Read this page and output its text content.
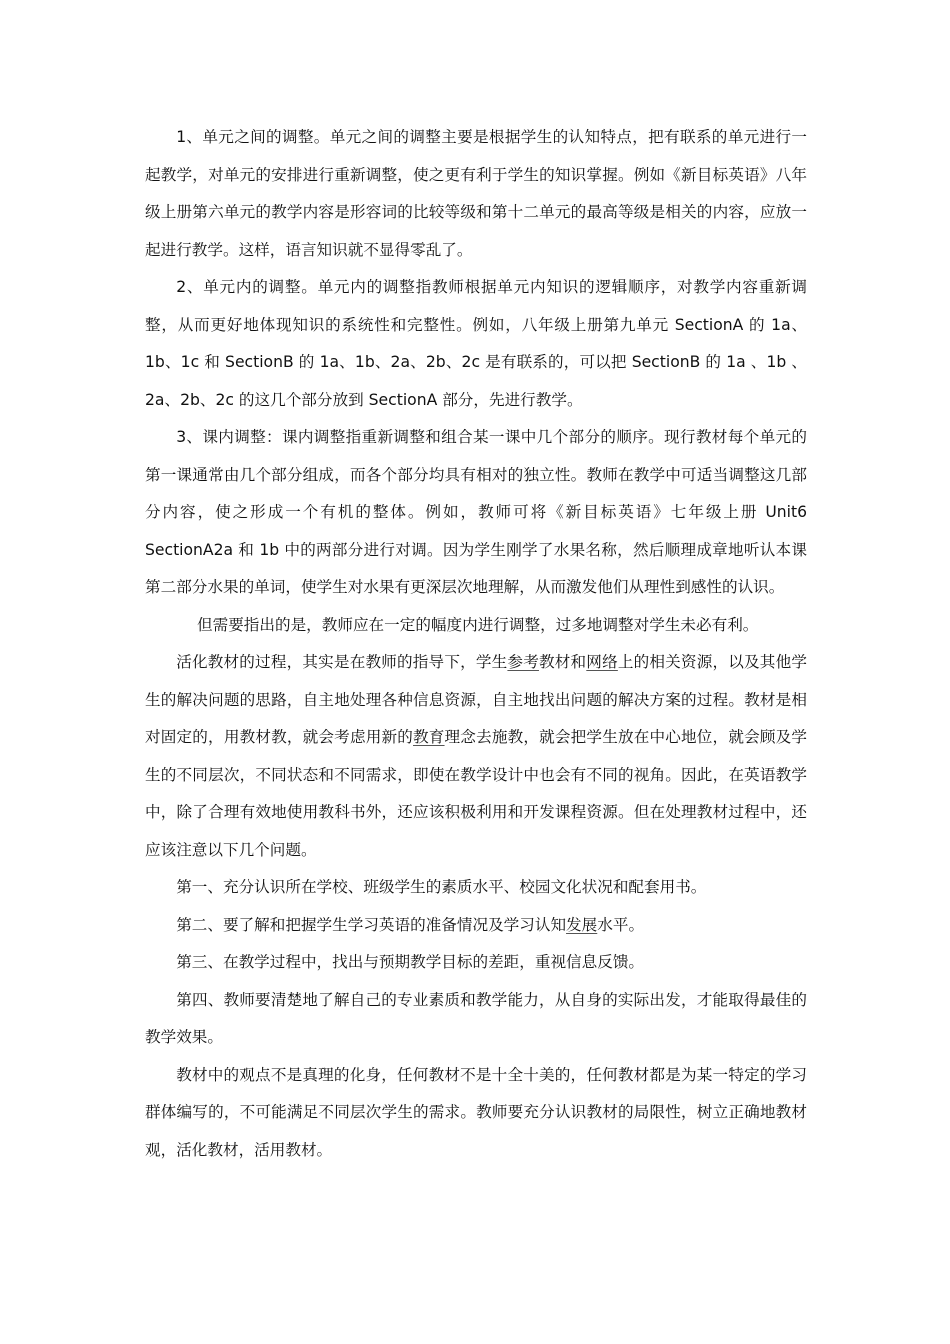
1、单元之间的调整。单元之间的调整主要是根据学生的认知特点，把有联系的单元进行一起教学，对单元的安排进行重新调整，使之更有利于学生的知识掌握。例如《新目标英语》八年级上册第六单元的教学内容是形容词的比较等级和第十二单元的最高等级是相关的内容，应放一起进行教学。这样，语言知识就不显得零乱了。

2、单元内的调整。单元内的调整指教师根据单元内知识的逻辑顺序，对教学内容重新调整，从而更好地体现知识的系统性和完整性。例如，八年级上册第九单元 SectionA 的 1a、1b、1c 和 SectionB 的 1a、1b、2a、2b、2c 是有联系的，可以把 SectionB 的 1a 、1b 、2a、2b、2c 的这几个部分放到 SectionA 部分，先进行教学。

3、课内调整：课内调整指重新调整和组合某一课中几个部分的顺序。现行教材每个单元的第一课通常由几个部分组成，而各个部分均具有相对的独立性。教师在教学中可适当调整这几部分内容，使之形成一个有机的整体。例如，教师可将《新目标英语》七年级上册 Unit6 SectionA2a 和 1b 中的两部分进行对调。因为学生刚学了水果名称，然后顺理成章地听认本课第二部分水果的单词，使学生对水果有更深层次地理解，从而激发他们从理性到感性的认识。

但需要指出的是，教师应在一定的幅度内进行调整，过多地调整对学生未必有利。

活化教材的过程，其实是在教师的指导下，学生参考教材和网络上的相关资源，以及其他学生的解决问题的思路，自主地处理各种信息资源，自主地找出问题的解决方案的过程。教材是相对固定的，用教材教，就会考虑用新的教育理念去施教，就会把学生放在中心地位，就会顾及学生的不同层次，不同状态和不同需求，即使在教学设计中也会有不同的视角。因此，在英语教学中，除了合理有效地使用教科书外，还应该积极利用和开发课程资源。但在处理教材过程中，还应该注意以下几个问题。

第一、充分认识所在学校、班级学生的素质水平、校园文化状况和配套用书。

第二、要了解和把握学生学习英语的准备情况及学习认知发展水平。

第三、在教学过程中，找出与预期教学目标的差距，重视信息反馈。

第四、教师要清楚地了解自己的专业素质和教学能力，从自身的实际出发，才能取得最佳的教学效果。

教材中的观点不是真理的化身，任何教材不是十全十美的，任何教材都是为某一特定的学习群体编写的，不可能满足不同层次学生的需求。教师要充分认识教材的局限性，树立正确地教材观，活化教材，活用教材。
